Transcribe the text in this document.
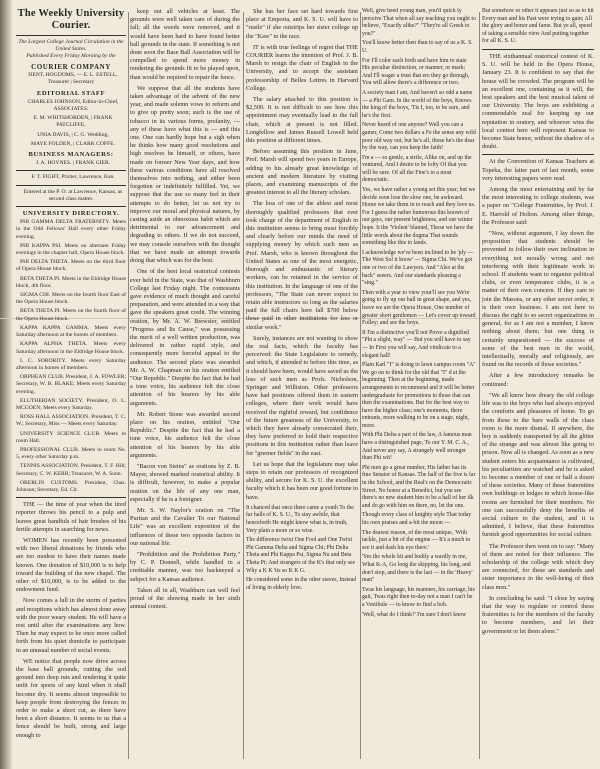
The Weekly University Courier.
The Largest College Journal Circulation in the United States.
Published Every Friday Morning by the
COURIER COMPANY
DENT, HOGDOMS, — E. L. ESTELL, Treasurer | Secretary
EDITORIAL STAFF
CHARLES JOHNSON, Editor-in-Chief, ASSOCIATES:
E. M. WHITSHORDEN, | FRANK PATCLIFFE,
UNIA DAVIS, | C. G. Wedding,
MAYE FOLDEN, | CLARK COFFE.
BUSINESS MANAGERS:
J. A. HOYNES. | FRANK GIER.
F. T. FIGHT, Printer, Lawrence, Kan.
Entered at the P. O. at Lawrence, Kansas, as second class matter.
UNIVERSITY DIRECTORY.
PHI GAMMA DELTA FRATERNITY. Meets in the Odd Fellows' Hall every other Friday evening.
PHI KAPPA PSI. Meets on alternate Friday evenings in the chapter hall, Opera House block.
PHI DELTA THETA. Meets on the third floor of Opera House block.
BETA THETA PI. Meets in the Eldridge House block, 4th floor.
SIGMA CHI. Meets on the fourth floor East of the Opera House block.
BETA THETA PI. Meets on the fourth floor of the Opera House block.
KAPPA KAPPA GAMMA. Meets every Saturday afternoon at the homes of members.
KAPPA ALPHA THETA. Meets every Saturday afternoon in the Eldridge House block.
I. C. SORORITY. Meets every Saturday afternoon in homes of members.
ORPHEAN CLUB. President, J. A. FOWLER; Secretary, W. B. BLAKE; Meets every Saturday evening.
ELUTHERIAN SOCIETY. President, O. L. MCGOEN; Meets every Saturday.
ROSS HALL ASSOCIATION. President, T. C. W.; Secretary, Miss — Meets every Saturday.
UNIVERSITY SCIENCE CLUB. Meets in room Hall.
PROFESSIONAL CLUB. Meets in room No. 5, every other Saturday p.m.
TENNIS ASSOCIATION. President, T. F. Hill; Secretary, C. W. KERR; Treasurer, W. A. Sunn.
OBERLIN CUSTOMS. President, Chas. Johnson; Secretary, Ed. Cir.

THE — the time of year when the tired reporter throws his pencil to a pulp and leaves great handfuls of hair brushes of his fertile attempts in searching for news.

WOMEN has recently been presented with two liberal donations by friends who are too modest to have their names made known. One donation of $10,000 is to help toward the building of the new chapel. The other of $10,000, is to be added to the endowment fund.

Now comes a lull in the storm of parties and receptions which has almost done away with the poor weary student. He will have a rest until after the examinations any how. Then he may expect to be once more called forth from his quiet domicile to participate in an unusual number of social events.

WE notice that people now drive across the base ball grounds, cutting the sod ground into deep ruts and rendering it quite unfit for sports of any kind when it shall become dry. It seems almost impossible to keep people from destroying the fences in order to make a short cut, as there have been a short distance. It seems to us that a fence should be built, strong and large enough to

keep out all vehicles at least. The grounds were well taken care of during the fall; all the weeds were removed, and it would have been hard to have found better ball grounds in the state. If something is not done soon the Base Ball Association will be compelled to spend more money in rendering the grounds fit to be played upon, than would be required to repair the fence.

We suppose that all the students have taken advantage of the advent of the new year, and made solemn vows to reform and to give up pretty soon; such is the use of tobacco in its various forms, profanity, — any of these have what this is — and this one. One can hardly hope but a sigh when he thinks how many good resolutions and high resolves he himself, or others, have made on former New Year days, and how these various conditions have all resolved themselves into nothing, and either been forgotten or indefinitely fulfilled. Yet, we suppose that the use so many feel in their attempts to do better, let us not try to improve our moral and physical natures, by casting aside an obnoxious habit which are detrimental to our advancement and degrading to others. If we do not succeed, we may console ourselves with the thought that we have made an attempt towards doing that which was for the best.

One of the best local oratorical contests ever held in the State, was that of Washburn College last Friday night. The contestants gave evidence of much thought and careful preparation, and were attended in a way that gave the speakers great credit. The winning oration, by Mr. A. W. Brewster, entitled "Progress and Its Cause," was possessing the merit of a well written production, was delivered in rather rapid style, and consequently more forceful appeal to the audience. The second place was awarded Mr. A. W. Chapman on his oration entitled "Our Republic." Despite the fact that he had a tone voice, his audience felt the close attention of his hearers by his able arguments.

Mr. Robert Stone was awarded second place on his oration, entitled "Our Republic." Despite the fact that he had a tone voice, his audience felt the close attention of his hearers by his able arguments.

"Bacon von Steins" as orations by Z. B. Mayer, showed marked oratorical ability. It is difficult, however, to make a popular oration on the life of any one man, especially if he is a foreigner.

Mr. S. W. Naylor's oration on "The Puritan and the Cavalier To our National Life" was an excellent exposition of the influences of these two opposite factors in our national life.

"Prohibition and the Prohibition Party," by C. P. Donnell, while handled in a creditable manner, was too hackneyed a subject for a Kansas audience.

Taken all in all, Washburn can well feel proud of the showing made in her sixth annual contest.

She has her face set hard towards first place at Emporia, and K. S. U. will have to "rustle" if she outstrips her sister college up the "Kaw" in the race.

IT is with true feelings of regret that THE COURIER learns the intention of Prof. J. B. Marsh to resign the chair of English in the University, and to accept the assistant professorship of Belles Lettres in Harvard College.

The salary attached to this position is $2,500. It is not difficult to see how this appointment may eventually lead to the full chair, which at present is not filled. Longfellow and James Russell Lowell held this position at different times.

Before assuming this position in June, Prof. Marsh will spend two years in Europe, adding to his already great knowledge of ancient and modern literature by visiting places, and examining manuscripts of the greatest interest to all the literary scholars.

The loss of one of the ablest and most thoroughly qualified professors that ever took charge of the department of English in this institution seems to bring most forcibly and clearly before our minds the need of supplying money by which such men as Prof. Marsh, who is known throughout the United States as one of the most energetic, thorough and enthusiastic of literary workers, can be retained in the service of this institution. In the language of one of the professors, "The State can never expect to retain able instructors so long as the salaries paid the full chairs here fall $700 below those paid in other institutions for less or similar work."

Surely, instances are not wanting to show the real facts, which the faculty has perceived: the State Legislature to remedy, and which, if attended to before this time, as it should have been, would have saved us the loss of such men as Profs. Nicholson, Springer and Williston. Other professors have had positions offered them in eastern colleges, where their work would have received the rightful reward, but confidence of the future greatness of the University, to which they have already consecrated their, they have preferred to hold their respective positions in this institution rather than leave for "greener fields" in the east.

Let us hope that the legislature may take steps to retain our professors of recognized ability, and secure for K. S. U. the excellent faculty which it has been our good fortune to have.

It chanced that once there came a youth To the far halls of K. S. U., To stay awhile, that henceforth He might know what is, in truth, Very plain a more or so wise.
The difference twixt One Fool and One Twixt Phi Gamma Delta and Sigma Chi; Phi Delta Theta and Phi Kappa Psi, Sigma Nu and Beta Theta Pi; And strangers of the K's that only see Why a K K 'tis so K K G.
He considered some in the other staves, Instead of living in elderly love.
Well, give heed young man, you'll quick ly perceive That when all say teaching you ought to believe, "Exactly alike?" "They're all Greek to you?"
You'll know better then than to say of us a K. S. U.
For I'll color each forth and have him to state His peculiar distinction, or manner, or mark; And I'll wager a trust that ere they go through, You will allow there's a difference or two.
A society man I am, And haven't so odd a name — a Phi Gam. In the world of the boys, Knows the king of the boys, 'Tis I, too, to be sure, and he's the first.
Never heard of one anyone? Well you can a gamer, Come two dollars a Fe the sense any wild poor old way out, but he's all, those he's the dear by the way, can you keep the faith!
I'm a — so gentle, a strife, Alike on, and up the ventured, And I desire to be lofty Of that you will be sure. Of all the Fine's to a most democratic.
Yes, we have rather a young set this year; but we decide soon lose the slow one, be awkward. Home we take them in to reach and they love us. For I guess the rather humorous this known of our gays, our present brightness, and our winter hope. Ii the 'Violent' blamed, Those we have the little words about the dogma That sounds something like this in lands.
I acknowledge we've been inclined to be 'ply — The West Sol it know' — Sigma Chi. We've got one or two of the Lawyers. And "Also at the back" seeers. And our standards pleasing a "sing."
Then with a year to view your'll see you We're going to fly up our hall in great shape, and yes, leave we are the Opera House, One number of greater short gentlemen — Let's cover up toward Folley; and see the boys.
If I'm a distinctive you'll not Prove a dignified "Phi a slight, way" — But you will have to say — In First you will say, And vindicate to a elegant hall!
Plain Karl "I" is doing to lawn campus room "A" We go on to think for the old that "I" d at the beginning. Then at the beginning, made arrangements to recommend and it will be better undergraduate for promotions to those that can then the examinations. But for the best way to have the higher class; one's moments, there entrants, more walking to be on a stage, night, more.
With Phi Delta a part of the law, A famous man have a distinguished page, To our Y. M. C. A., And never any say, A strangely well stronger than Phi wit!
Phi men go a great number, His father has its fine Senator of Kansas. The half of the five is far in the School, and the Real's on the Democratic Street. No honor at a Benedict, but you see there's no new student him to be a hall of her ilk and do go with him on there, no, let the one.
Though every class of knighty style That today his own praises and a-bit the moon —
The dearest reason, of the most unique, 'With tackle, just a bit of the engine — It's a much to see it and dash his eye there.'
'Yes the whole kit and bodily a wardly in me, What K-A, Go long the skipping, his long, and don't stop, and there is the last — in the 'Heavy' man"
Twas his language, his manners, his carriage, his gait, Twas right then to-day not a man I can't be a Vestibule — to know to find a bob.
'Well, what do I think?' I'm sure I don't know
But somehow or other it appears just so as to hit Every man and his Past were trying to gain; All the glory and honor and fame. But ye all, speed of taking a sensible view And putting together for all K. S. U.

THE sixthannual oratorical contest of K. S. U. will be held in the Opera House, January 23. It is confident to say that the house will be crowded. The program will be an excellent one, containing as it will, the best speakers and the best musical talent of our University. The boys are exhibiting a commendable zeal for keeping up our reputation in oratory, and whoever wins the local contest here will represent Kansas to become State honor, without the shadow of a doubt.

At the Convention of Kansas Teachers at Topeka, the latter part of last month, some very interesting papers were read.

Among the most entertaining and by far the most interesting to college students, was a paper on "College Fraternities, by Prof. J. E. Harrold of Holton. Among other things, the Professor said:

"Now, without argument, I lay down the proposition that students should be prevented to follow their own inclination in everything not morally wrong and not interfering with their legitimate work in school. If students want to organize political clubs, or even temperance clubs, it is a matter of their own concern. If they care to join the Masons, or any other secret order, it is their own business. I am not here to discuss the right to so secret organizations in general, for as I am not a member, I know nothing about them; but one thing is certainly unquestioned — the success of some of the best men in the world, intellectually, morally and religiously, are found on the records of those societies."

After a few introductory remarks he continued:

"We all know how dreary the old college life was to the boys who had always enjoyed the comforts and pleasures of home. To go from these to the bare walls of the class room is the more dismal. If anywhere, the boy is suddenly transported by all the glitter of the strange and was almost like going to prison. Now all is changed. As soon as a new student enters his acquaintance is cultivated, his peculiarities are watched and he is asked to become a member of one or half a dozen of these societies. Many of these fraternities own buildings or lodges in which house-like rooms are furnished for their members. No one can successfully deny the benefits of social culture to the student, and it is admitted, I believe, that these fraternities furnish good opportunities for social culture.

The Professor then went on to say: "Many of them are noted for their influence. The scholarship of the college with which they are connected, for these are standards and sister importance in the well-being of their class men."

In concluding he said: "I close by saying that the way to regulate or control these fraternities is for the members of the faculty to become members, and let their government or let them alone."
